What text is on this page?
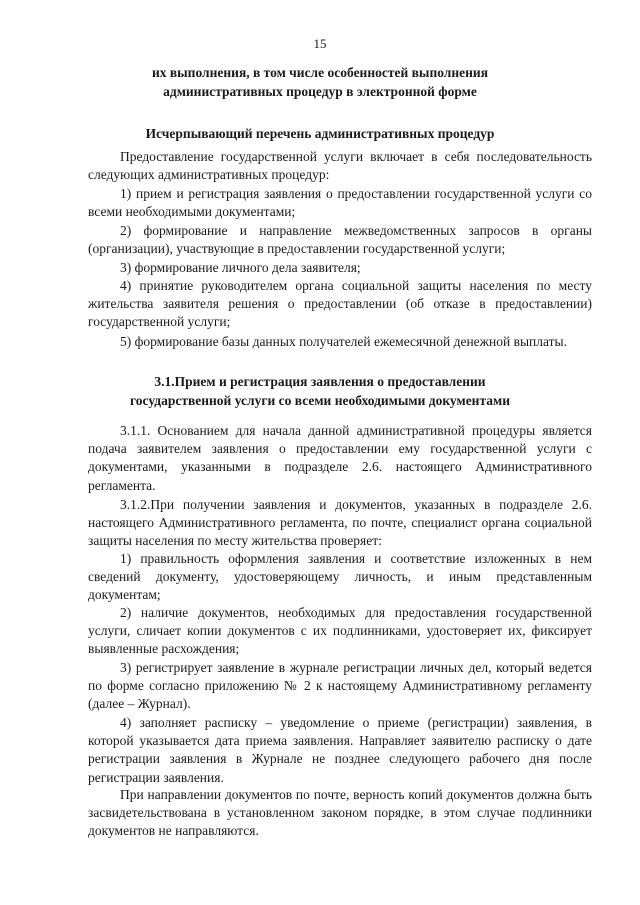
15
их выполнения, в том числе особенностей выполнения
административных процедур в электронной форме
Исчерпывающий перечень административных процедур
Предоставление государственной услуги включает в себя последовательность следующих административных процедур:
1) прием и регистрация заявления о предоставлении государственной услуги со всеми необходимыми документами;
2) формирование и направление межведомственных запросов в органы (организации), участвующие в предоставлении государственной услуги;
3) формирование личного дела заявителя;
4) принятие руководителем органа социальной защиты населения по месту жительства заявителя решения о предоставлении (об отказе в предоставлении) государственной услуги;
5) формирование базы данных получателей ежемесячной денежной выплаты.
3.1.Прием и регистрация заявления о предоставлении
государственной услуги со всеми необходимыми документами
3.1.1. Основанием для начала данной административной процедуры является подача заявителем заявления о предоставлении ему государственной услуги с документами, указанными в подразделе 2.6. настоящего Административного регламента.
3.1.2.При получении заявления и документов, указанных в подразделе 2.6. настоящего Административного регламента, по почте, специалист органа социальной защиты населения по месту жительства проверяет:
1) правильность оформления заявления и соответствие изложенных в нем сведений документу, удостоверяющему личность, и иным представленным документам;
2) наличие документов, необходимых для предоставления государственной услуги, сличает копии документов с их подлинниками, удостоверяет их, фиксирует выявленные расхождения;
3) регистрирует заявление в журнале регистрации личных дел, который ведется по форме согласно приложению № 2 к настоящему Административному регламенту (далее – Журнал).
4) заполняет расписку – уведомление о приеме (регистрации) заявления, в которой указывается дата приема заявления. Направляет заявителю расписку о дате регистрации заявления в Журнале не позднее следующего рабочего дня после регистрации заявления.
При направлении документов по почте, верность копий документов должна быть засвидетельствована в установленном законом порядке, в этом случае подлинники документов не направляются.
